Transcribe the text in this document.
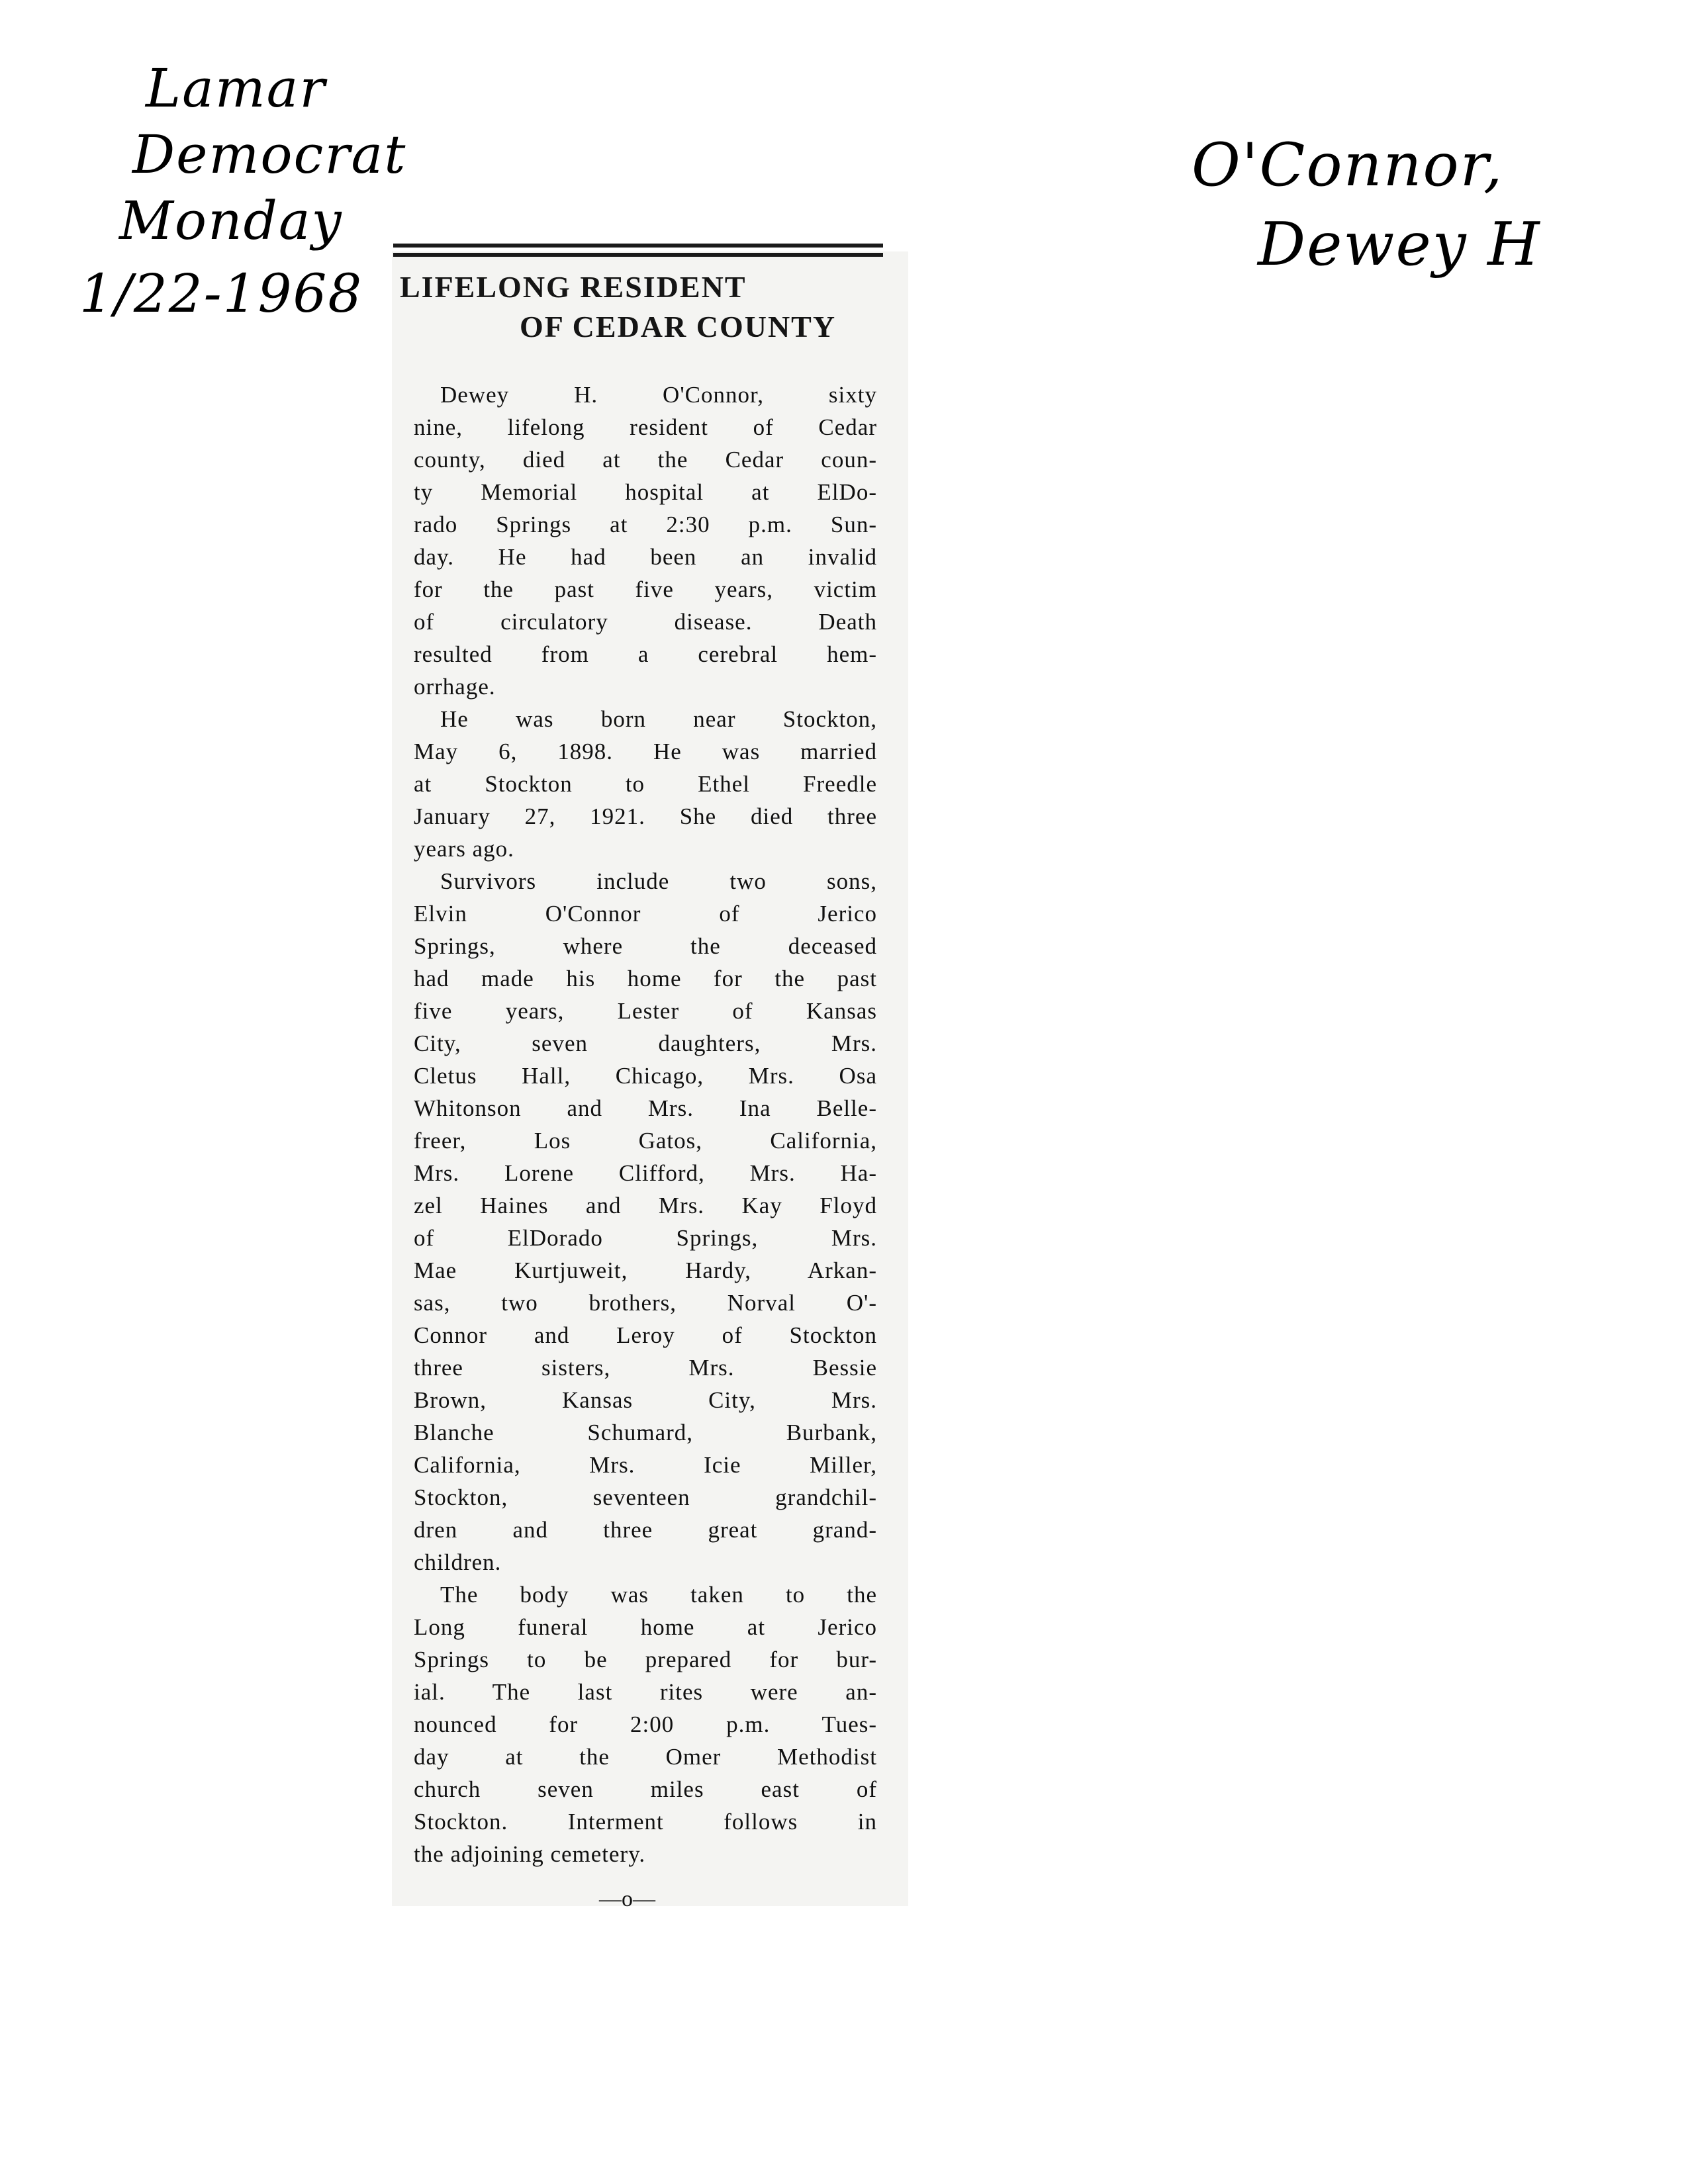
Lamar
Democrat
Monday
1/22-1968
O'Connor,
Dewey H
LIFELONG RESIDENT
OF CEDAR COUNTY
Dewey H. O'Connor, sixty
nine, lifelong resident of Cedar
county, died at the Cedar coun-
ty Memorial hospital at ElDo-
rado Springs at 2:30 p.m. Sun-
day. He had been an invalid
for the past five years, victim
of circulatory disease. Death
resulted from a cerebral hem-
orrhage.
He was born near Stockton,
May 6, 1898. He was married
at Stockton to Ethel Freedle
January 27, 1921. She died three
years ago.
Survivors include two sons,
Elvin O'Connor of Jerico
Springs, where the deceased
had made his home for the past
five years, Lester of Kansas
City, seven daughters, Mrs.
Cletus Hall, Chicago, Mrs. Osa
Whitonson and Mrs. Ina Belle-
freer, Los Gatos, California,
Mrs. Lorene Clifford, Mrs. Ha-
zel Haines and Mrs. Kay Floyd
of ElDorado Springs, Mrs.
Mae Kurtjuweit, Hardy, Arkan-
sas, two brothers, Norval O'-
Connor and Leroy of Stockton
three sisters, Mrs. Bessie
Brown, Kansas City, Mrs.
Blanche Schumard, Burbank,
California, Mrs. Icie Miller,
Stockton, seventeen grandchil-
dren and three great grand-
children.
The body was taken to the
Long funeral home at Jerico
Springs to be prepared for bur-
ial. The last rites were an-
nounced for 2:00 p.m. Tues-
day at the Omer Methodist
church seven miles east of
Stockton. Interment follows in
the adjoining cemetery.
—o—
